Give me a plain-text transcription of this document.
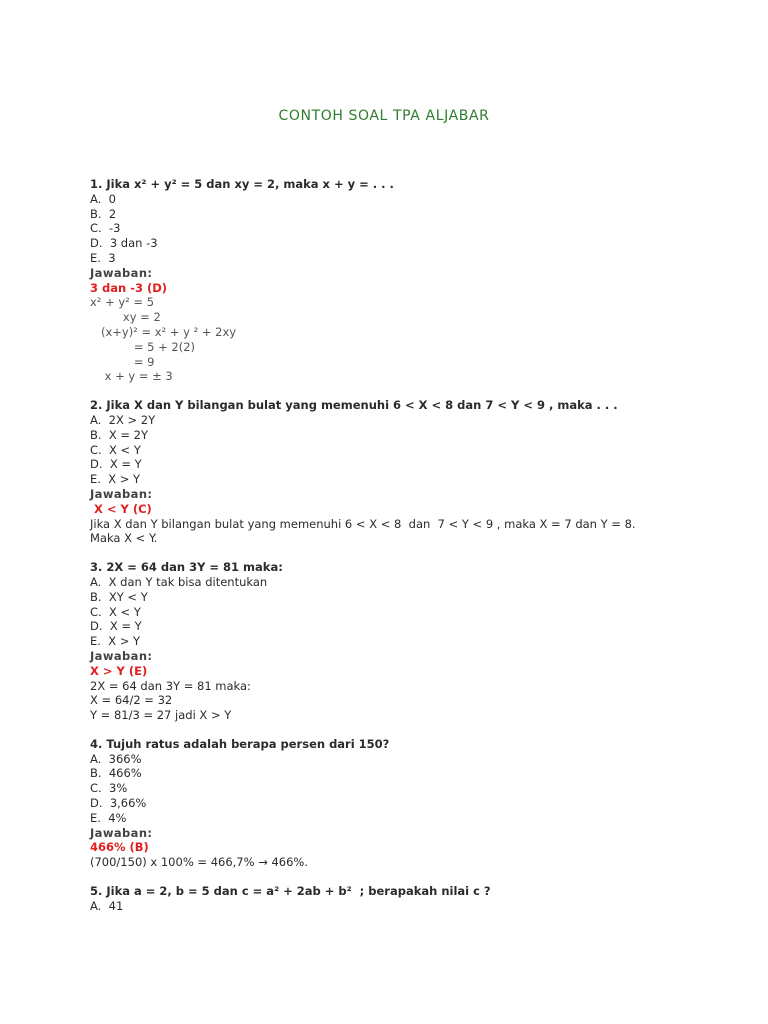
CONTOH SOAL TPA ALJABAR
1. Jika x² + y² = 5 dan xy = 2, maka x + y = . . .
A.  0
B.  2
C.  -3
D.  3 dan -3
E.  3
Jawaban:
3 dan -3 (D)
x² + y² = 5
xy = 2
(x+y)² = x² + y ² + 2xy
= 5 + 2(2)
= 9
x + y = ± 3
2. Jika X dan Y bilangan bulat yang memenuhi 6 < X < 8 dan 7 < Y < 9 , maka . . .
A.  2X > 2Y
B.  X = 2Y
C.  X < Y
D.  X = Y
E.  X > Y
Jawaban:
X < Y (C)
Jika X dan Y bilangan bulat yang memenuhi 6 < X < 8  dan  7 < Y < 9 , maka X = 7 dan Y = 8.
Maka X < Y.
3. 2X = 64 dan 3Y = 81 maka:
A.  X dan Y tak bisa ditentukan
B.  XY < Y
C.  X < Y
D.  X = Y
E.  X > Y
Jawaban:
X > Y (E)
2X = 64 dan 3Y = 81 maka:
X = 64/2 = 32
Y = 81/3 = 27 jadi X > Y
4. Tujuh ratus adalah berapa persen dari 150?
A.  366%
B.  466%
C.  3%
D.  3,66%
E.  4%
Jawaban:
466% (B)
(700/150) x 100% = 466,7% → 466%.
5. Jika a = 2, b = 5 dan c = a² + 2ab + b²  ; berapakah nilai c ?
A.  41
